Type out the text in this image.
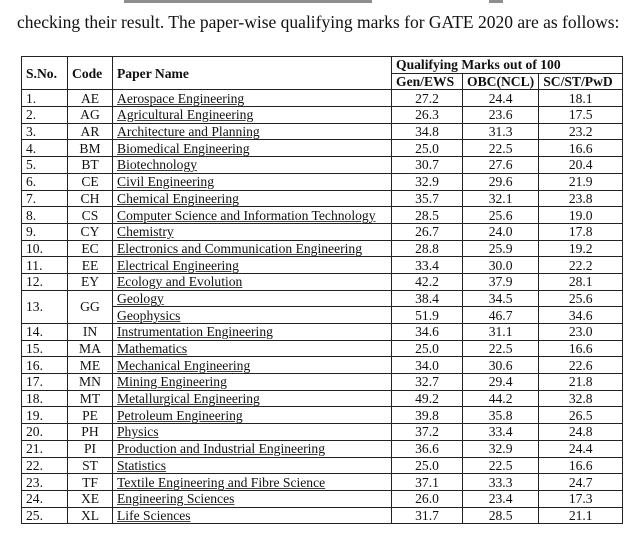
checking their result. The paper-wise qualifying marks for GATE 2020 are as follows:
S.No.	Code	Paper Name	Qualifying Marks out of 100		
			Gen/EWS	OBC(NCL)	SC/ST/PwD
1.	AE	Aerospace Engineering	27.2	24.4	18.1
2.	AG	Agricultural Engineering	26.3	23.6	17.5
3.	AR	Architecture and Planning	34.8	31.3	23.2
4.	BM	Biomedical Engineering	25.0	22.5	16.6
5.	BT	Biotechnology	30.7	27.6	20.4
6.	CE	Civil Engineering	32.9	29.6	21.9
7.	CH	Chemical Engineering	35.7	32.1	23.8
8.	CS	Computer Science and Information Technology	28.5	25.6	19.0
9.	CY	Chemistry	26.7	24.0	17.8
10.	EC	Electronics and Communication Engineering	28.8	25.9	19.2
11.	EE	Electrical Engineering	33.4	30.0	22.2
12.	EY	Ecology and Evolution	42.2	37.9	28.1
13.	GG	Geology	38.4	34.5	25.6
		Geophysics	51.9	46.7	34.6
14.	IN	Instrumentation Engineering	34.6	31.1	23.0
15.	MA	Mathematics	25.0	22.5	16.6
16.	ME	Mechanical Engineering	34.0	30.6	22.6
17.	MN	Mining Engineering	32.7	29.4	21.8
18.	MT	Metallurgical Engineering	49.2	44.2	32.8
19.	PE	Petroleum Engineering	39.8	35.8	26.5
20.	PH	Physics	37.2	33.4	24.8
21.	PI	Production and Industrial Engineering	36.6	32.9	24.4
22.	ST	Statistics	25.0	22.5	16.6
23.	TF	Textile Engineering and Fibre Science	37.1	33.3	24.7
24.	XE	Engineering Sciences	26.0	23.4	17.3
25.	XL	Life Sciences	31.7	28.5	21.1
